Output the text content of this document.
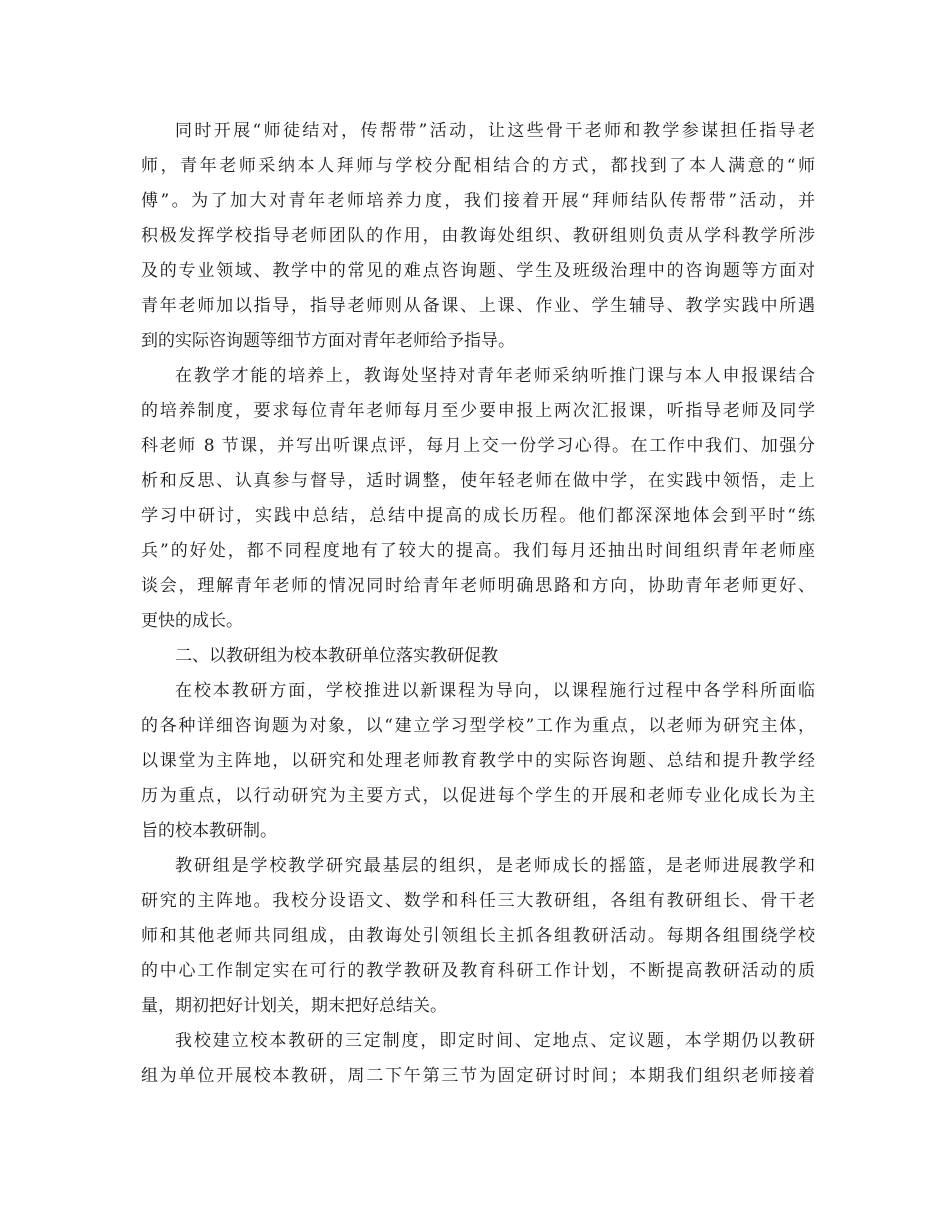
同时开展“师徒结对，传帮带”活动，让这些骨干老师和教学参谋担任指导老
师，青年老师采纳本人拜师与学校分配相结合的方式，都找到了本人满意的“师
傅”。为了加大对青年老师培养力度，我们接着开展“拜师结队传帮带”活动，并
积极发挥学校指导老师团队的作用，由教诲处组织、教研组则负责从学科教学所涉
及的专业领域、教学中的常见的难点咨询题、学生及班级治理中的咨询题等方面对
青年老师加以指导，指导老师则从备课、上课、作业、学生辅导、教学实践中所遇
到的实际咨询题等细节方面对青年老师给予指导。
在教学才能的培养上，教诲处坚持对青年老师采纳听推门课与本人申报课结合
的培养制度，要求每位青年老师每月至少要申报上两次汇报课，听指导老师及同学
科老师 8 节课，并写出听课点评，每月上交一份学习心得。在工作中我们、加强分
析和反思、认真参与督导，适时调整，使年轻老师在做中学，在实践中领悟，走上
学习中研讨，实践中总结，总结中提高的成长历程。他们都深深地体会到平时“练
兵”的好处，都不同程度地有了较大的提高。我们每月还抽出时间组织青年老师座
谈会，理解青年老师的情况同时给青年老师明确思路和方向，协助青年老师更好、
更快的成长。
二、以教研组为校本教研单位落实教研促教
在校本教研方面，学校推进以新课程为导向，以课程施行过程中各学科所面临
的各种详细咨询题为对象，以“建立学习型学校”工作为重点，以老师为研究主体，
以课堂为主阵地，以研究和处理老师教育教学中的实际咨询题、总结和提升教学经
历为重点，以行动研究为主要方式，以促进每个学生的开展和老师专业化成长为主
旨的校本教研制。
教研组是学校教学研究最基层的组织，是老师成长的摇篮，是老师进展教学和
研究的主阵地。我校分设语文、数学和科任三大教研组，各组有教研组长、骨干老
师和其他老师共同组成，由教诲处引领组长主抓各组教研活动。每期各组围绕学校
的中心工作制定实在可行的教学教研及教育科研工作计划，不断提高教研活动的质
量，期初把好计划关，期末把好总结关。
我校建立校本教研的三定制度，即定时间、定地点、定议题，本学期仍以教研
组为单位开展校本教研，周二下午第三节为固定研讨时间；本期我们组织老师接着
